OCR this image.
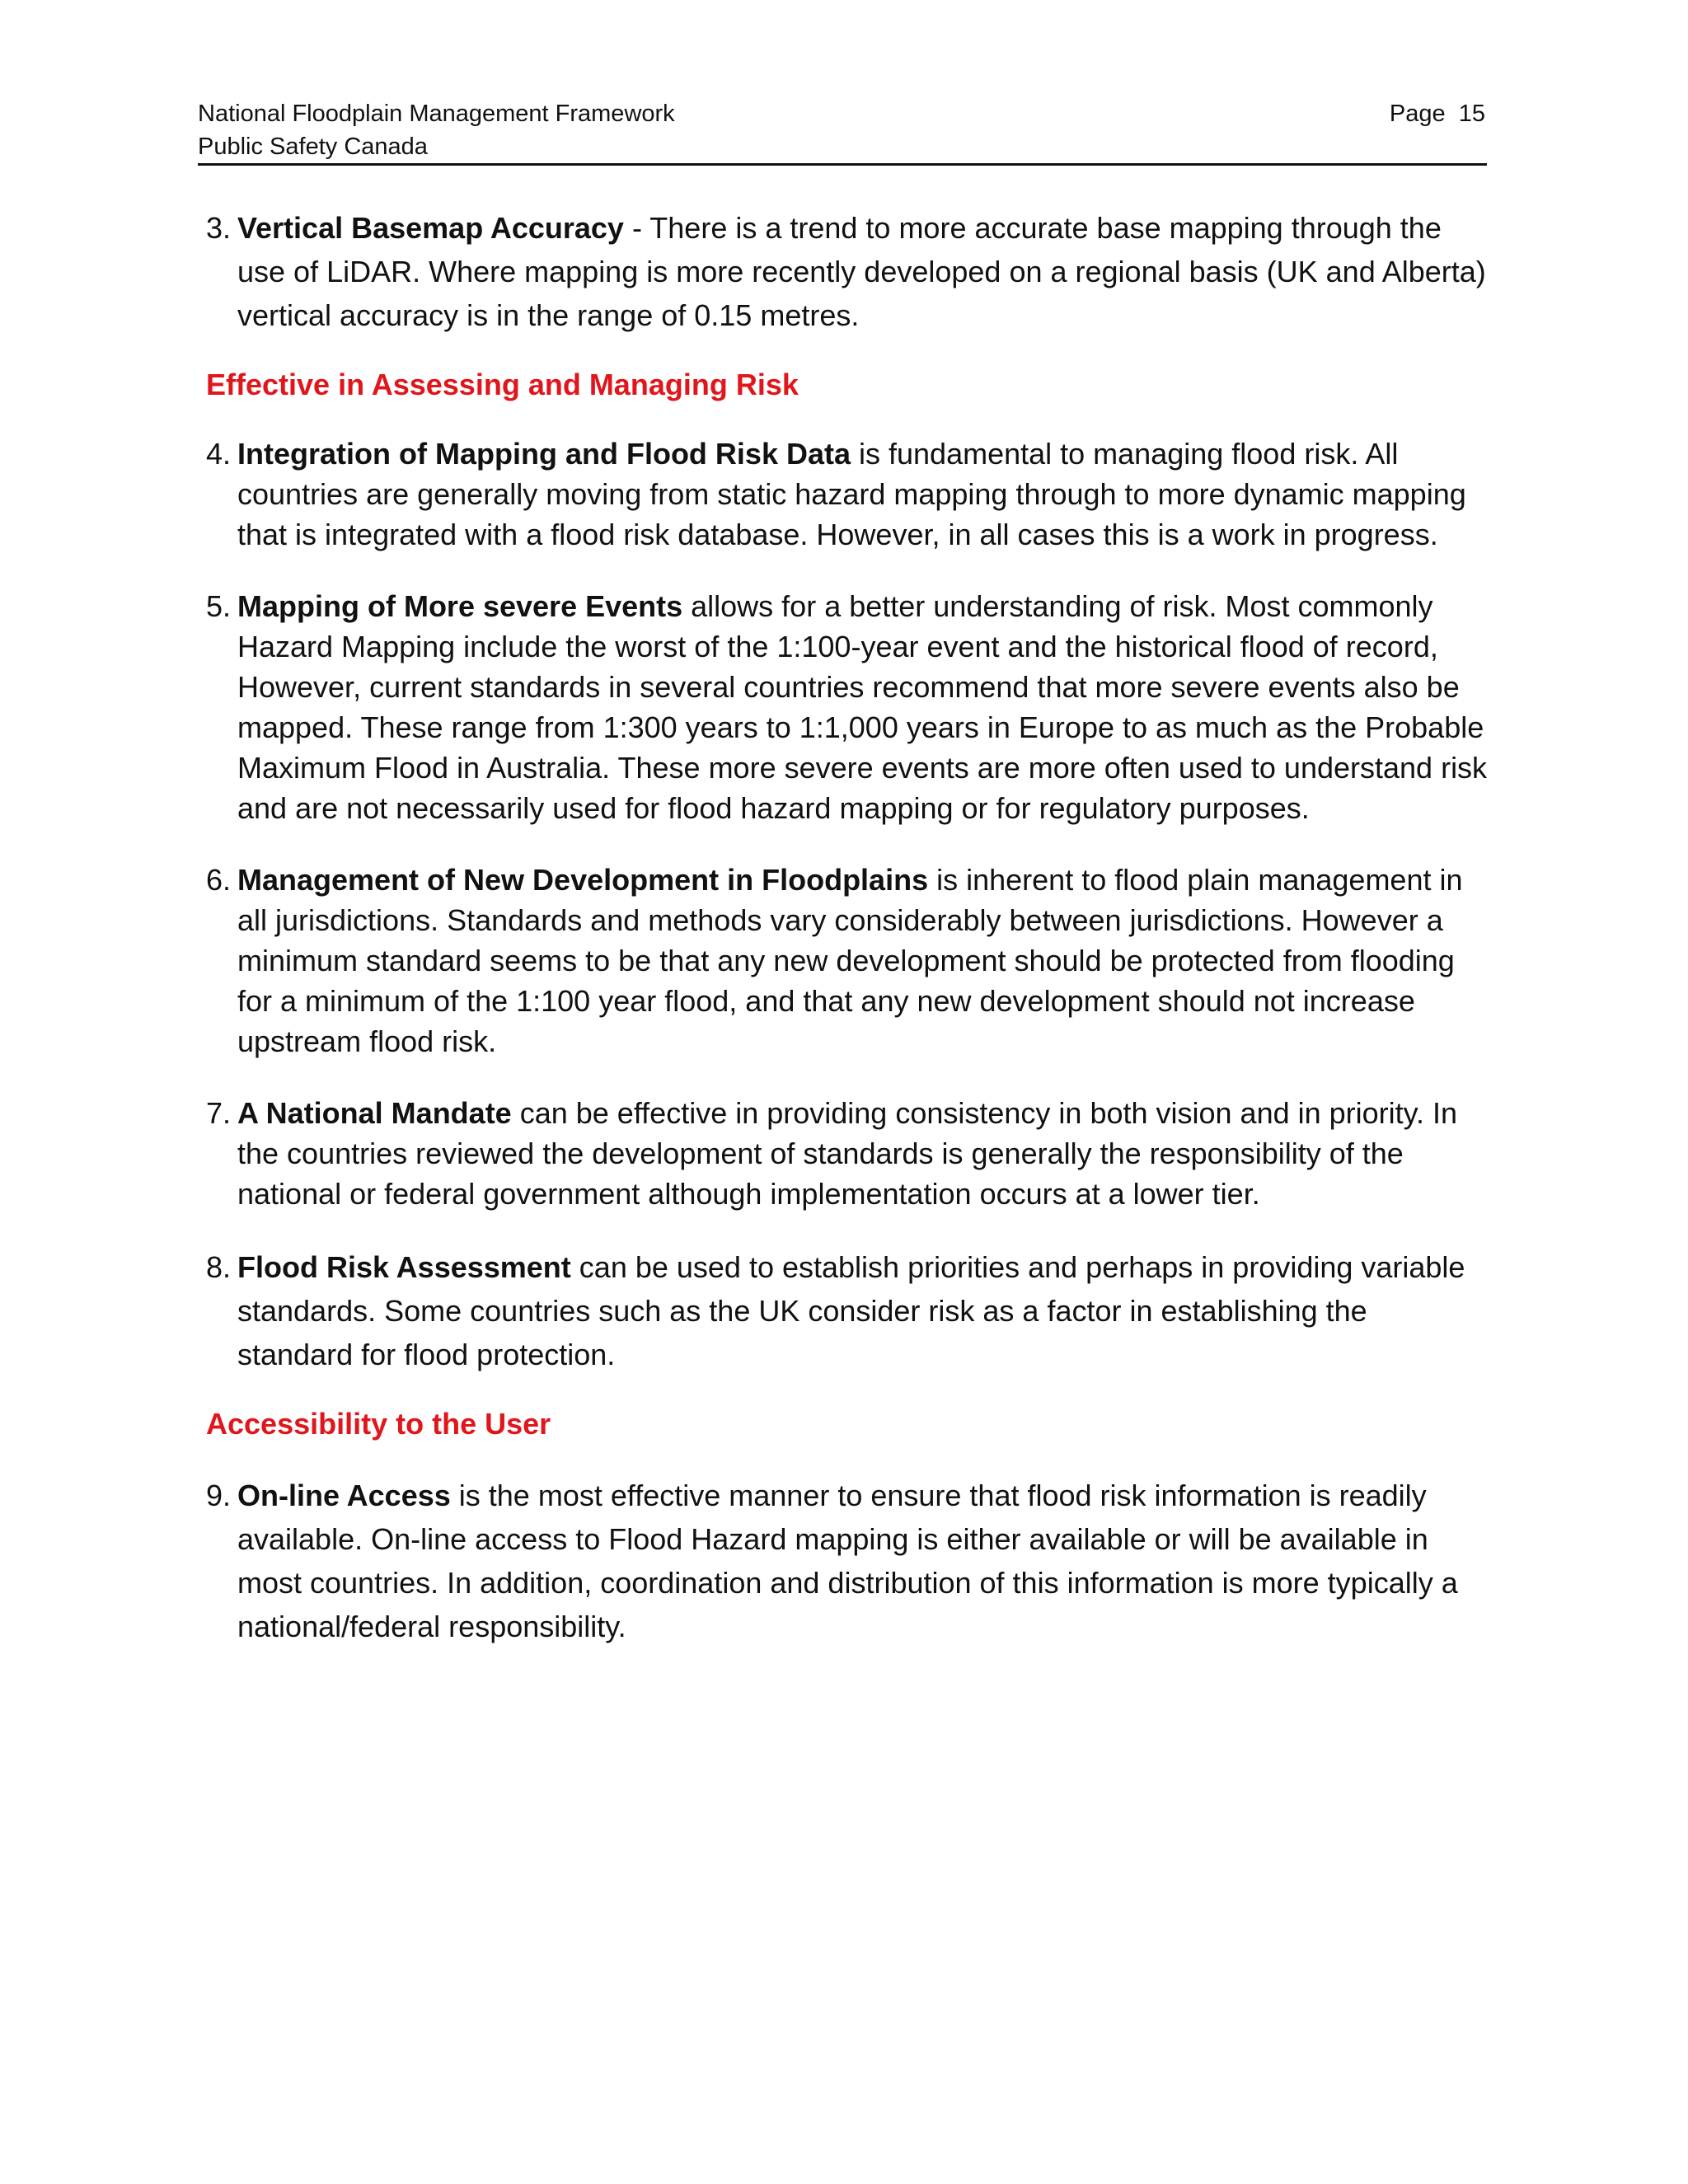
National Floodplain Management Framework
Public Safety Canada
Page  15
3. Vertical Basemap Accuracy - There is a trend to more accurate base mapping through the use of LiDAR. Where mapping is more recently developed on a regional basis (UK and Alberta) vertical accuracy is in the range of 0.15 metres.
Effective in Assessing and Managing Risk
4. Integration of Mapping and Flood Risk Data is fundamental to managing flood risk. All countries are generally moving from static hazard mapping through to more dynamic mapping that is integrated with a flood risk database. However, in all cases this is a work in progress.
5. Mapping of More severe Events allows for a better understanding of risk. Most commonly Hazard Mapping include the worst of the 1:100-year event and the historical flood of record, However, current standards in several countries recommend that more severe events also be mapped. These range from 1:300 years to 1:1,000 years in Europe to as much as the Probable Maximum Flood in Australia. These more severe events are more often used to understand risk and are not necessarily used for flood hazard mapping or for regulatory purposes.
6. Management of New Development in Floodplains is inherent to flood plain management in all jurisdictions. Standards and methods vary considerably between jurisdictions. However a minimum standard seems to be that any new development should be protected from flooding for a minimum of the 1:100 year flood, and that any new development should not increase upstream flood risk.
7. A National Mandate can be effective in providing consistency in both vision and in priority. In the countries reviewed the development of standards is generally the responsibility of the national or federal government although implementation occurs at a lower tier.
8. Flood Risk Assessment can be used to establish priorities and perhaps in providing variable standards. Some countries such as the UK consider risk as a factor in establishing the standard for flood protection.
Accessibility to the User
9. On-line Access is the most effective manner to ensure that flood risk information is readily available. On-line access to Flood Hazard mapping is either available or will be available in most countries. In addition, coordination and distribution of this information is more typically a national/federal responsibility.
